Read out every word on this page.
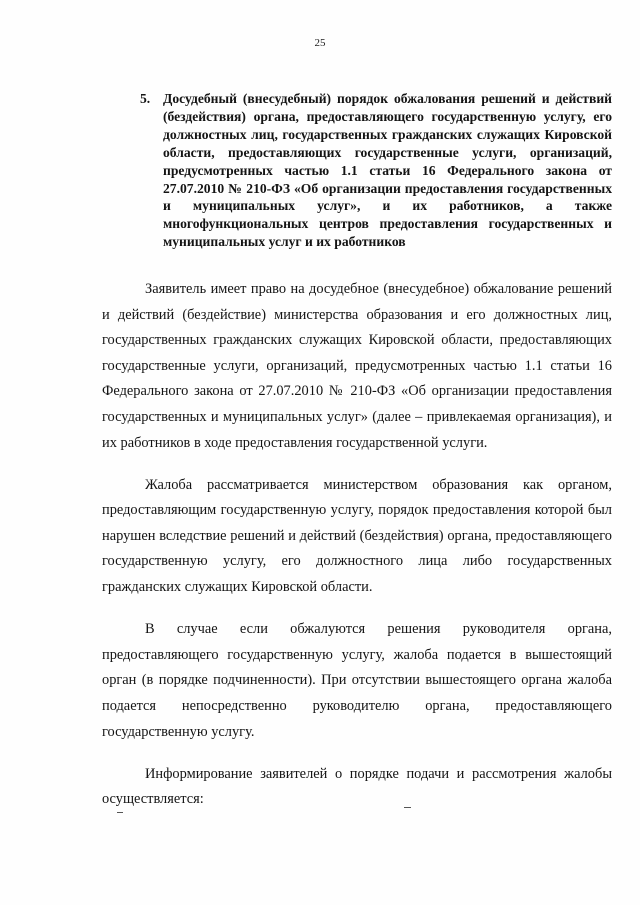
25
5. Досудебный (внесудебный) порядок обжалования решений и действий (бездействия) органа, предоставляющего государственную услугу, его должностных лиц, государственных гражданских служащих Кировской области, предоставляющих государственные услуги, организаций, предусмотренных частью 1.1 статьи 16 Федерального закона от 27.07.2010 № 210-ФЗ «Об организации предоставления государственных и муниципальных услуг», и их работников, а также многофункциональных центров предоставления государственных и муниципальных услуг и их работников

Заявитель имеет право на досудебное (внесудебное) обжалование решений и действий (бездействие) министерства образования и его должностных лиц, государственных гражданских служащих Кировской области, предоставляющих государственные услуги, организаций, предусмотренных частью 1.1 статьи 16 Федерального закона от 27.07.2010 № 210-ФЗ «Об организации предоставления государственных и муниципальных услуг» (далее – привлекаемая организация), и их работников в ходе предоставления государственной услуги.

Жалоба рассматривается министерством образования как органом, предоставляющим государственную услугу, порядок предоставления которой был нарушен вследствие решений и действий (бездействия) органа, предоставляющего государственную услугу, его должностного лица либо государственных гражданских служащих Кировской области.

В случае если обжалуются решения руководителя органа, предоставляющего государственную услугу, жалоба подается в вышестоящий орган (в порядке подчиненности). При отсутствии вышестоящего органа жалоба подается непосредственно руководителю органа, предоставляющего государственную услугу.

Информирование заявителей о порядке подачи и рассмотрения жалобы осуществляется:
